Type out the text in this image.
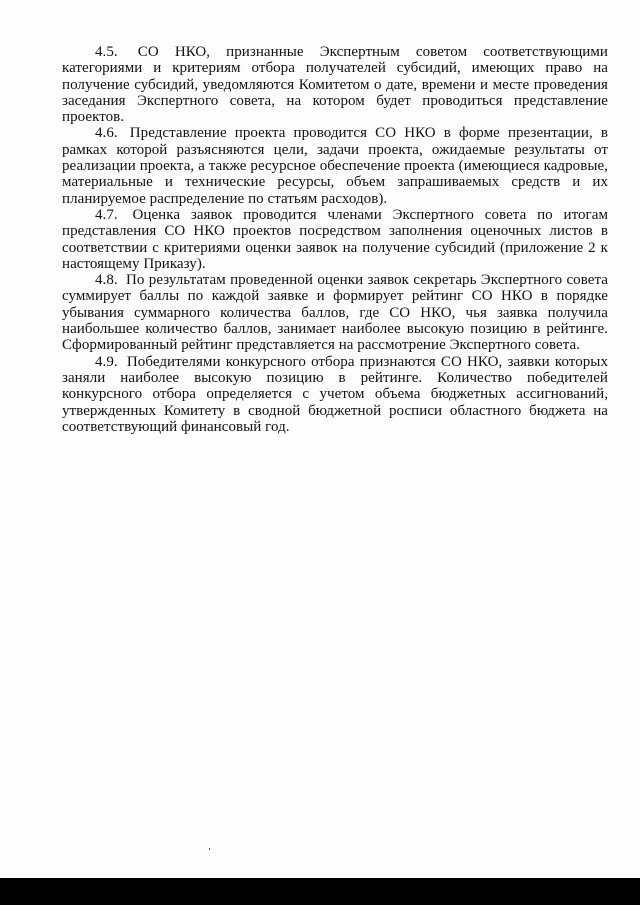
4.5. СО НКО, признанные Экспертным советом соответствующими категориями и критериям отбора получателей субсидий, имеющих право на получение субсидий, уведомляются Комитетом о дате, времени и месте проведения заседания Экспертного совета, на котором будет проводиться представление проектов.

4.6. Представление проекта проводится СО НКО в форме презентации, в рамках которой разъясняются цели, задачи проекта, ожидаемые результаты от реализации проекта, а также ресурсное обеспечение проекта (имеющиеся кадровые, материальные и технические ресурсы, объем запрашиваемых средств и их планируемое распределение по статьям расходов).

4.7. Оценка заявок проводится членами Экспертного совета по итогам представления СО НКО проектов посредством заполнения оценочных листов в соответствии с критериями оценки заявок на получение субсидий (приложение 2 к настоящему Приказу).

4.8. По результатам проведенной оценки заявок секретарь Экспертного совета суммирует баллы по каждой заявке и формирует рейтинг СО НКО в порядке убывания суммарного количества баллов, где СО НКО, чья заявка получила наибольшее количество баллов, занимает наиболее высокую позицию в рейтинге. Сформированный рейтинг представляется на рассмотрение Экспертного совета.

4.9. Победителями конкурсного отбора признаются СО НКО, заявки которых заняли наиболее высокую позицию в рейтинге. Количество победителей конкурсного отбора определяется с учетом объема бюджетных ассигнований, утвержденных Комитету в сводной бюджетной росписи областного бюджета на соответствующий финансовый год.
